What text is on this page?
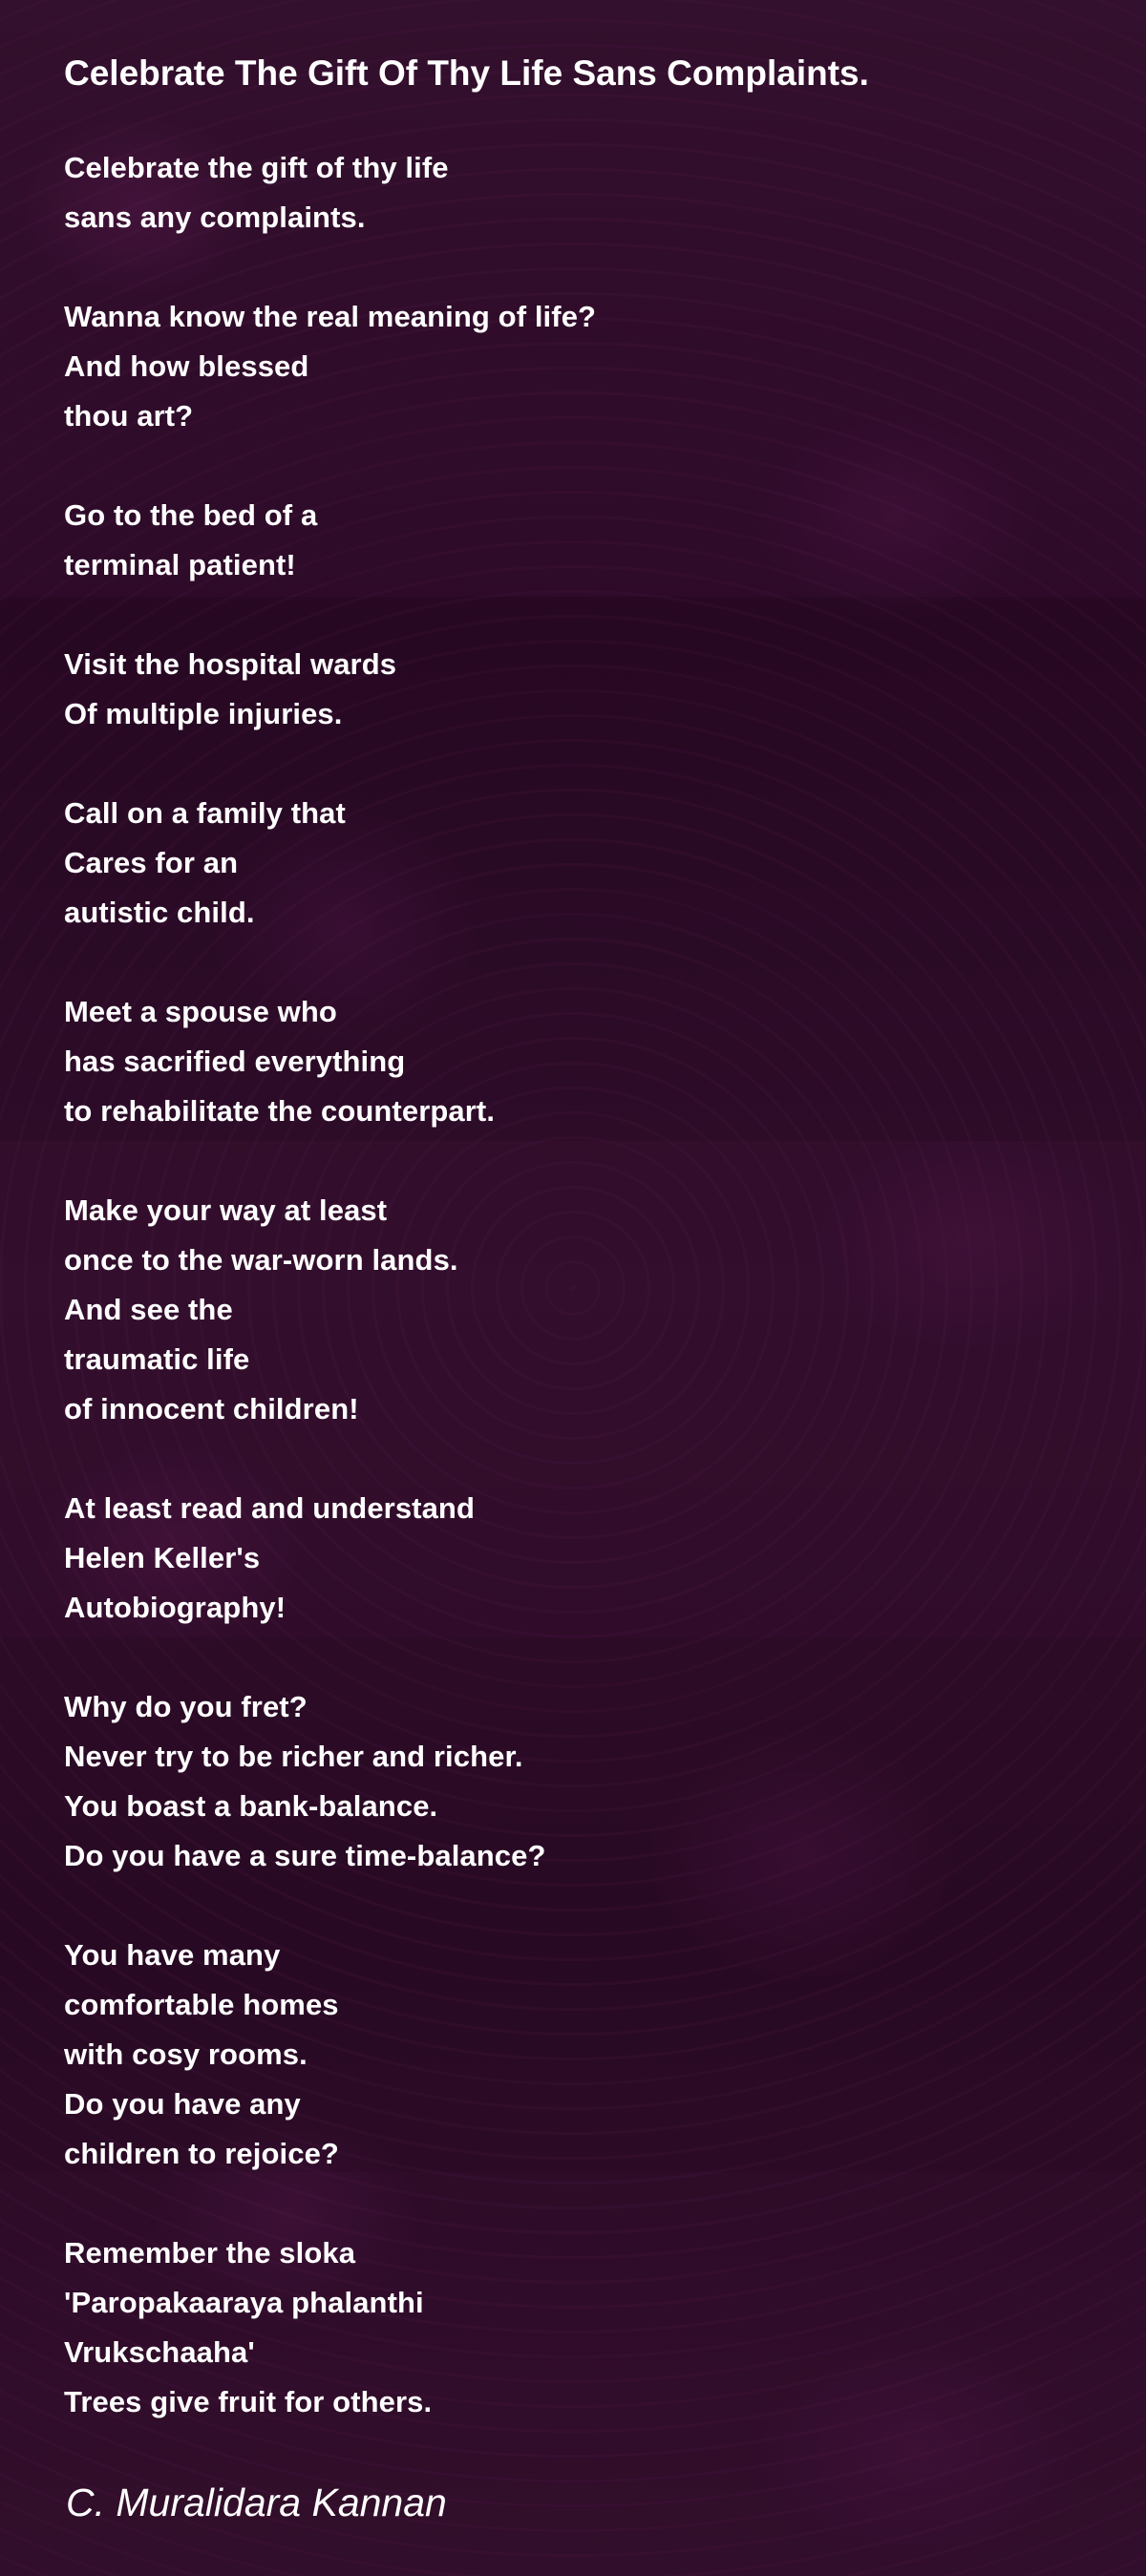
Celebrate The Gift Of Thy Life Sans Complaints.
Celebrate the gift of thy life
sans any complaints.
Wanna know the real meaning of life?
And how blessed
thou art?
Go to the bed of a
terminal patient!
Visit the hospital wards
Of multiple injuries.
Call on a family that
Cares for an
autistic child.
Meet a spouse who
has sacrified everything
to rehabilitate the counterpart.
Make your way at least
once to the war-worn lands.
And see the
traumatic life
of innocent children!
At least read and understand
Helen Keller's
Autobiography!
Why do you fret?
Never try to be richer and richer.
You boast a bank-balance.
Do you have a sure time-balance?
You have many
comfortable homes
with cosy rooms.
Do you have any
children to rejoice?
Remember the sloka
'Paropakaaraya phalanthi
Vrukschaaha'
Trees give fruit for others.
C. Muralidara Kannan
